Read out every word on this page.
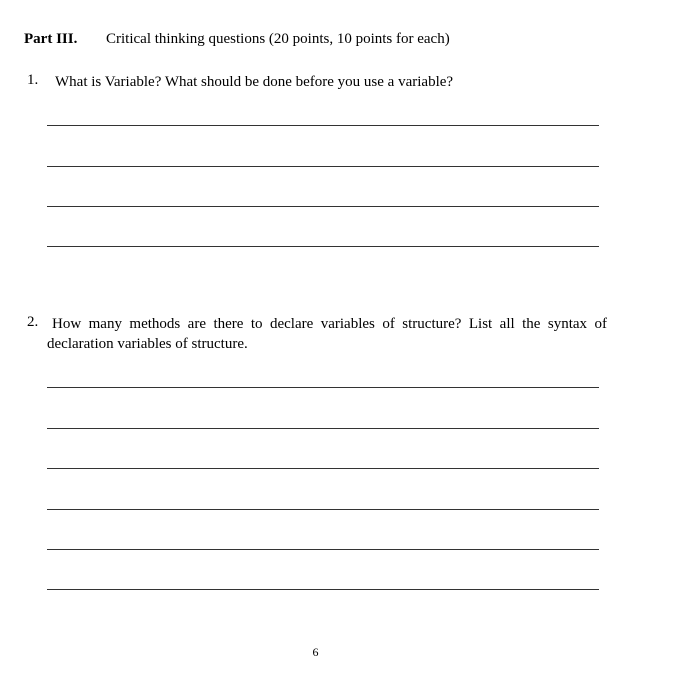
Part III. Critical thinking questions (20 points, 10 points for each)
1. What is Variable? What should be done before you use a variable?
2. How many methods are there to declare variables of structure? List all the syntax of declaration variables of structure.
6
